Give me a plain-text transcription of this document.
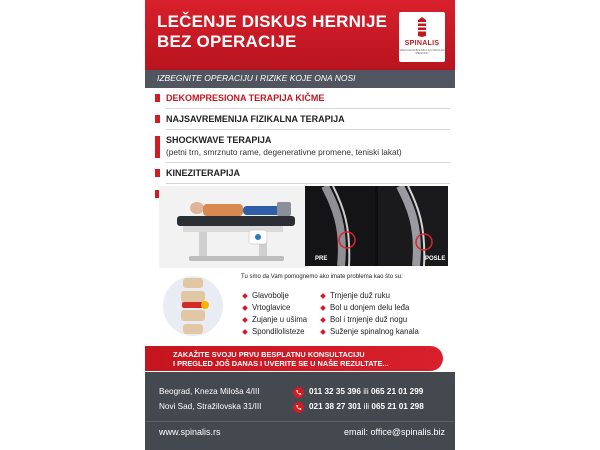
LEČENJE DISKUS HERNIJE
BEZ OPERACIJE	SPINALIS
SPECIJALNA BOLNICA ZA FIZIKALNU MEDICINU
IZBEGNITE OPERACIJU I RIZIKE KOJE ONA NOSI
DEKOMPRESIONA TERAPIJA KIČME
NAJSAVREMENIJA FIZIKALNA TERAPIJA
SHOCKWAVE TERAPIJA
(petni trn, smrznuto rame, degenerativne promene, teniski lakat)
KINEZITERAPIJA
PRE	POSLE
Tu smo da Vam pomognemo ako imate problema kao što su:
Glavobolje
Vrtoglavice
Zujanje u ušima
Spondilolisteze
Trnjenje duž ruku
Bol u donjem delu leđa
Bol i trnjenje duž nogu
Suženje spinalnog kanala
ZAKAŽITE SVOJU PRVU BESPLATNU KONSULTACIJU
I PREGLED JOŠ DANAS I UVERITE SE U NAŠE REZULTATE...
Beograd, Kneza Miloša 4/III	011 32 35 396 ili 065 21 01 299
Novi Sad, Stražilovska 31/III	021 38 27 301 ili 065 21 01 298
www.spinalis.rs	email: office@spinalis.biz
